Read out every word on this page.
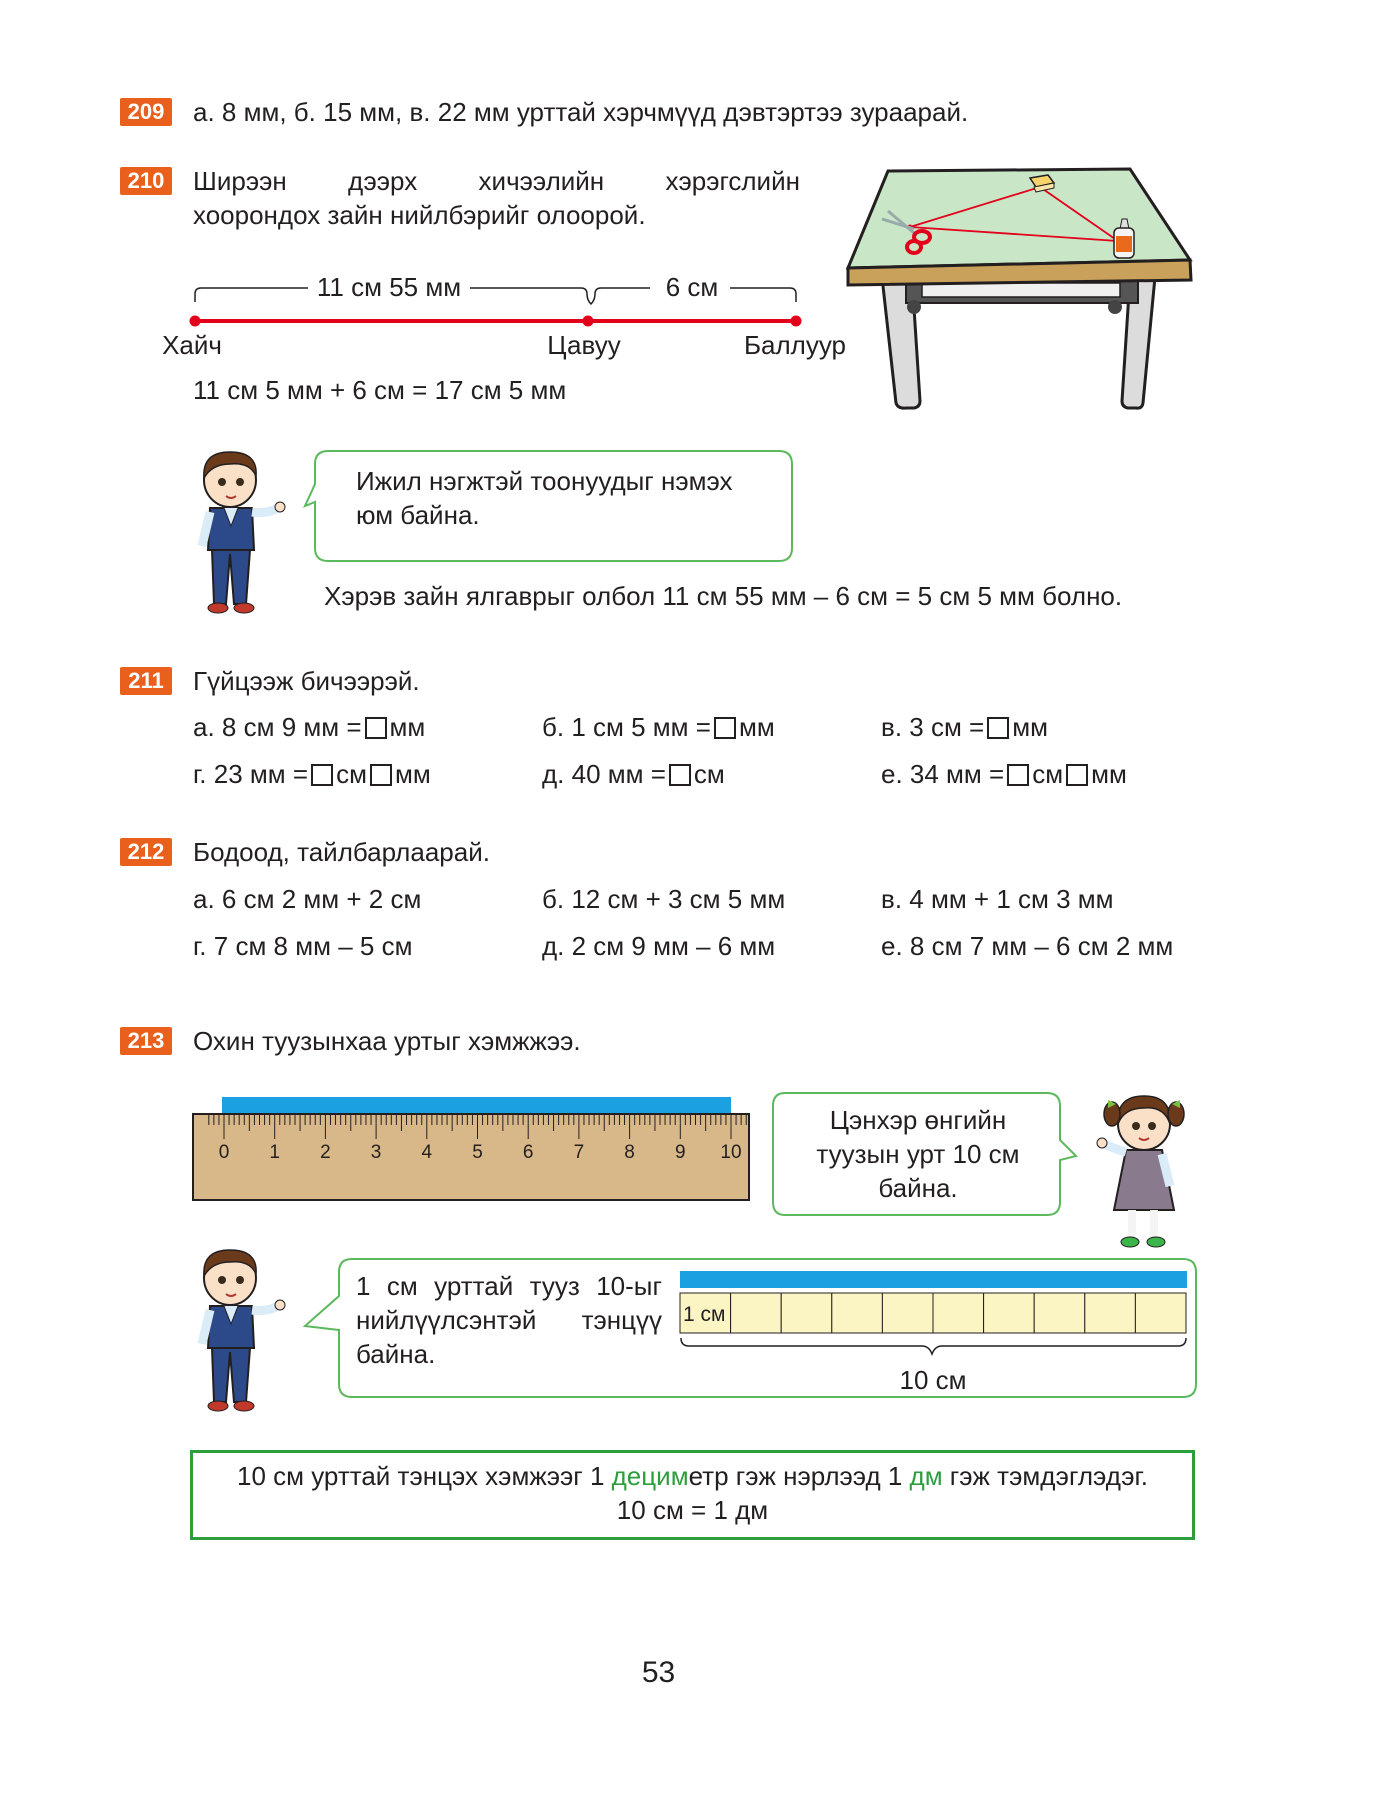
209 а. 8 мм, б. 15 мм, в. 22 мм урттай хэрчмүүд дэвтэртээ зураарай.
210 Ширээн дээрх хичээлийн хэрэгслийн
хоорондох зайн нийлбэрийг олоорой.
11 см 55 мм	6 см
Хайч	Цавуу	Баллуур
11 см 5 мм + 6 см = 17 см 5 мм
Ижил нэгжтэй тоонуудыг нэмэх
юм байна.
Хэрэв зайн ялгаврыг олбол 11 см 55 мм – 6 см = 5 см 5 мм болно.
211	Гүйцээж бичээрэй.
а. 8 см 9 мм = мм	б. 1 см 5 мм = мм	в. 3 см = мм
г. 23 мм = см мм	д. 40 мм = см	е. 34 мм = см мм
212 Бодоод, тайлбарлаарай.
а. 6 см 2 мм + 2 см	б. 12 см + 3 см 5 мм	в. 4 мм + 1 см 3 мм
г. 7 см 8 мм – 5 см	д. 2 см 9 мм – 6 мм	е. 8 см 7 мм – 6 см 2 мм
213 Охин туузынхаа уртыг хэмжжээ.
0 1 2 3 4 5 6 7 8 9 10
Цэнхэр өнгийн
туузын урт 10 см
байна.
1 см урттай тууз 10-ыг
нийлүүлсэнтэй тэнцүү
байна.
1 см
10 см
10 см урттай тэнцэх хэмжээг 1 дециметр гэж нэрлээд 1 дм гэж тэмдэглэдэг.
10 см = 1 дм
53
